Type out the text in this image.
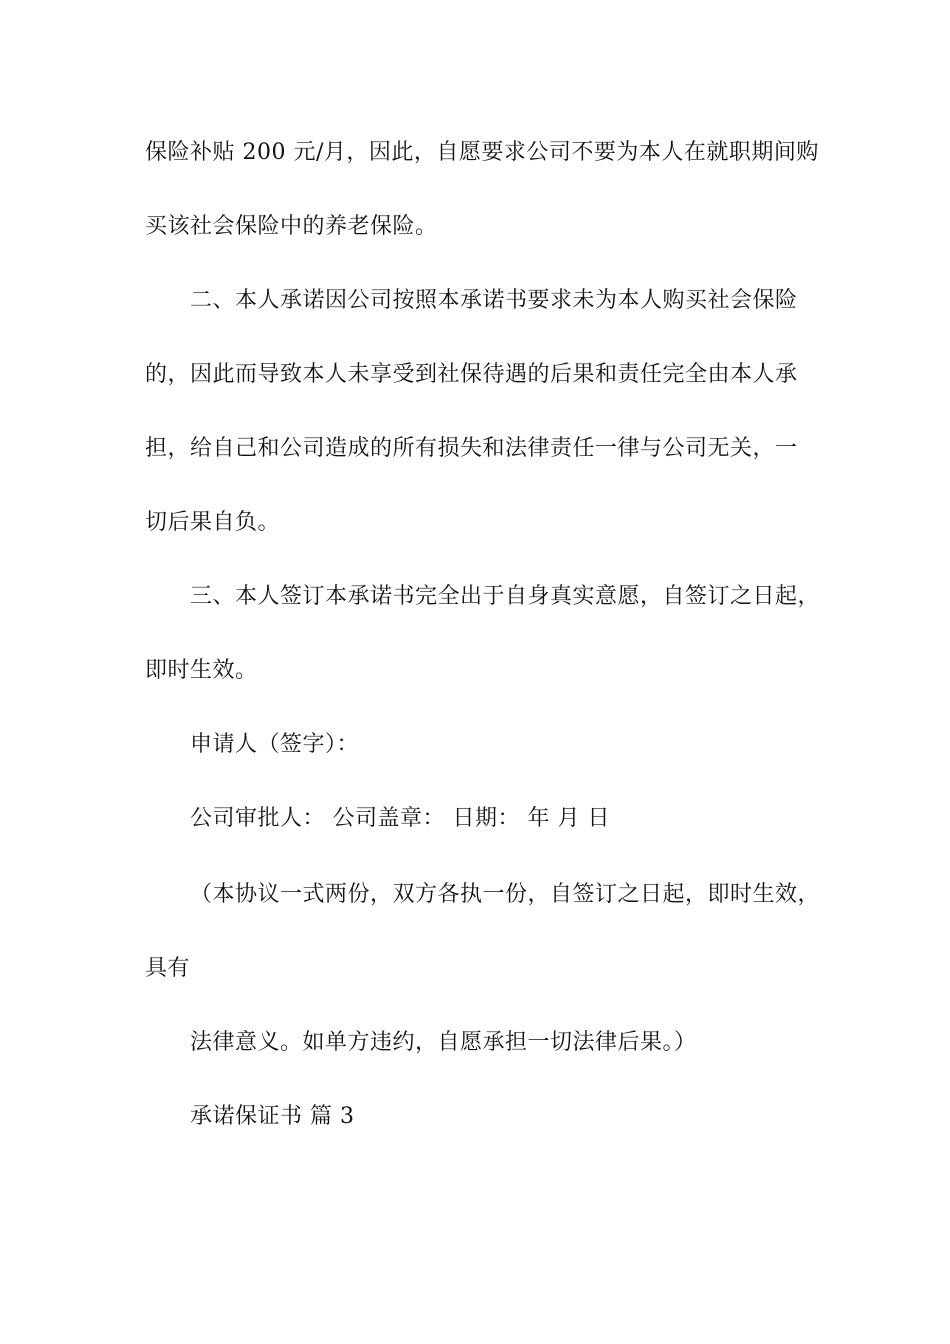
保险补贴 200 元/月，因此，自愿要求公司不要为本人在就职期间购
买该社会保险中的养老保险。
二、本人承诺因公司按照本承诺书要求未为本人购买社会保险
的，因此而导致本人未享受到社保待遇的后果和责任完全由本人承
担，给自己和公司造成的所有损失和法律责任一律与公司无关，一
切后果自负。
三、本人签订本承诺书完全出于自身真实意愿，自签订之日起，
即时生效。
申请人（签字）：
公司审批人： 公司盖章： 日期： 年 月 日
（本协议一式两份，双方各执一份，自签订之日起，即时生效，
具有
法律意义。如单方违约，自愿承担一切法律后果。）
承诺保证书 篇 3
